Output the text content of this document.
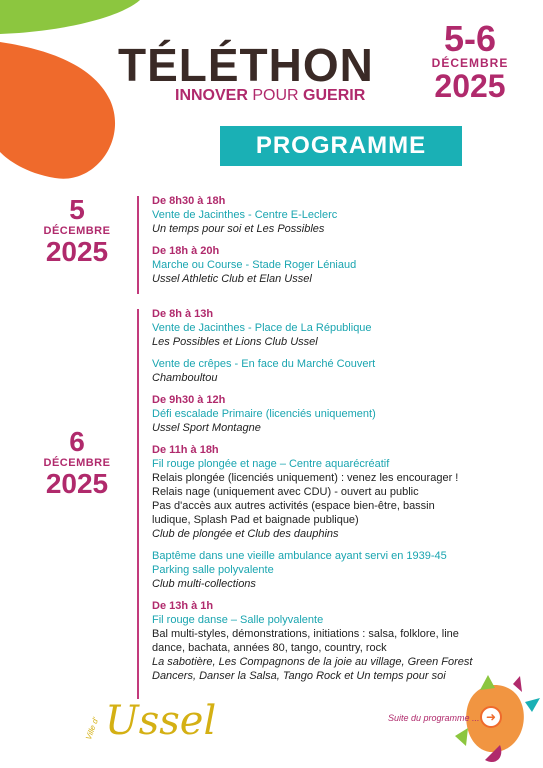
TÉLÉTHON
INNOVER POUR GUERIR
5-6
DÉCEMBRE
2025
PROGRAMME
5
DÉCEMBRE
2025
De 8h30 à 18h
Vente de Jacinthes - Centre E-Leclerc
Un temps pour soi et Les Possibles
De 18h à 20h
Marche ou Course - Stade Roger Léniaud
Ussel Athletic Club et Elan Ussel
6
DÉCEMBRE
2025
De 8h à 13h
Vente de Jacinthes - Place de La République
Les Possibles et Lions Club Ussel
Vente de crêpes - En face du Marché Couvert
Chamboultou
De 9h30 à 12h
Défi escalade Primaire (licenciés uniquement)
Ussel Sport Montagne
De 11h à 18h
Fil rouge plongée et nage – Centre aquarécréatif
Relais plongée (licenciés uniquement) : venez les encourager !
Relais nage (uniquement avec CDU) - ouvert au public
Pas d'accès aux autres activités (espace bien-être, bassin
ludique, Splash Pad et baignade publique)
Club de plongée et Club des dauphins
Baptême dans une vieille ambulance ayant servi en 1939-45
Parking salle polyvalente
Club multi-collections
De 13h à 1h
Fil rouge danse – Salle polyvalente
Bal multi-styles, démonstrations, initiations : salsa, folklore, line
dance, bachata, années 80, tango, country, rock
La sabotière, Les Compagnons de la joie au village, Green Forest
Dancers, Danser la Salsa, Tango Rock et Un temps pour soi
Ville d' Ussel	Suite du programme ... ➜
